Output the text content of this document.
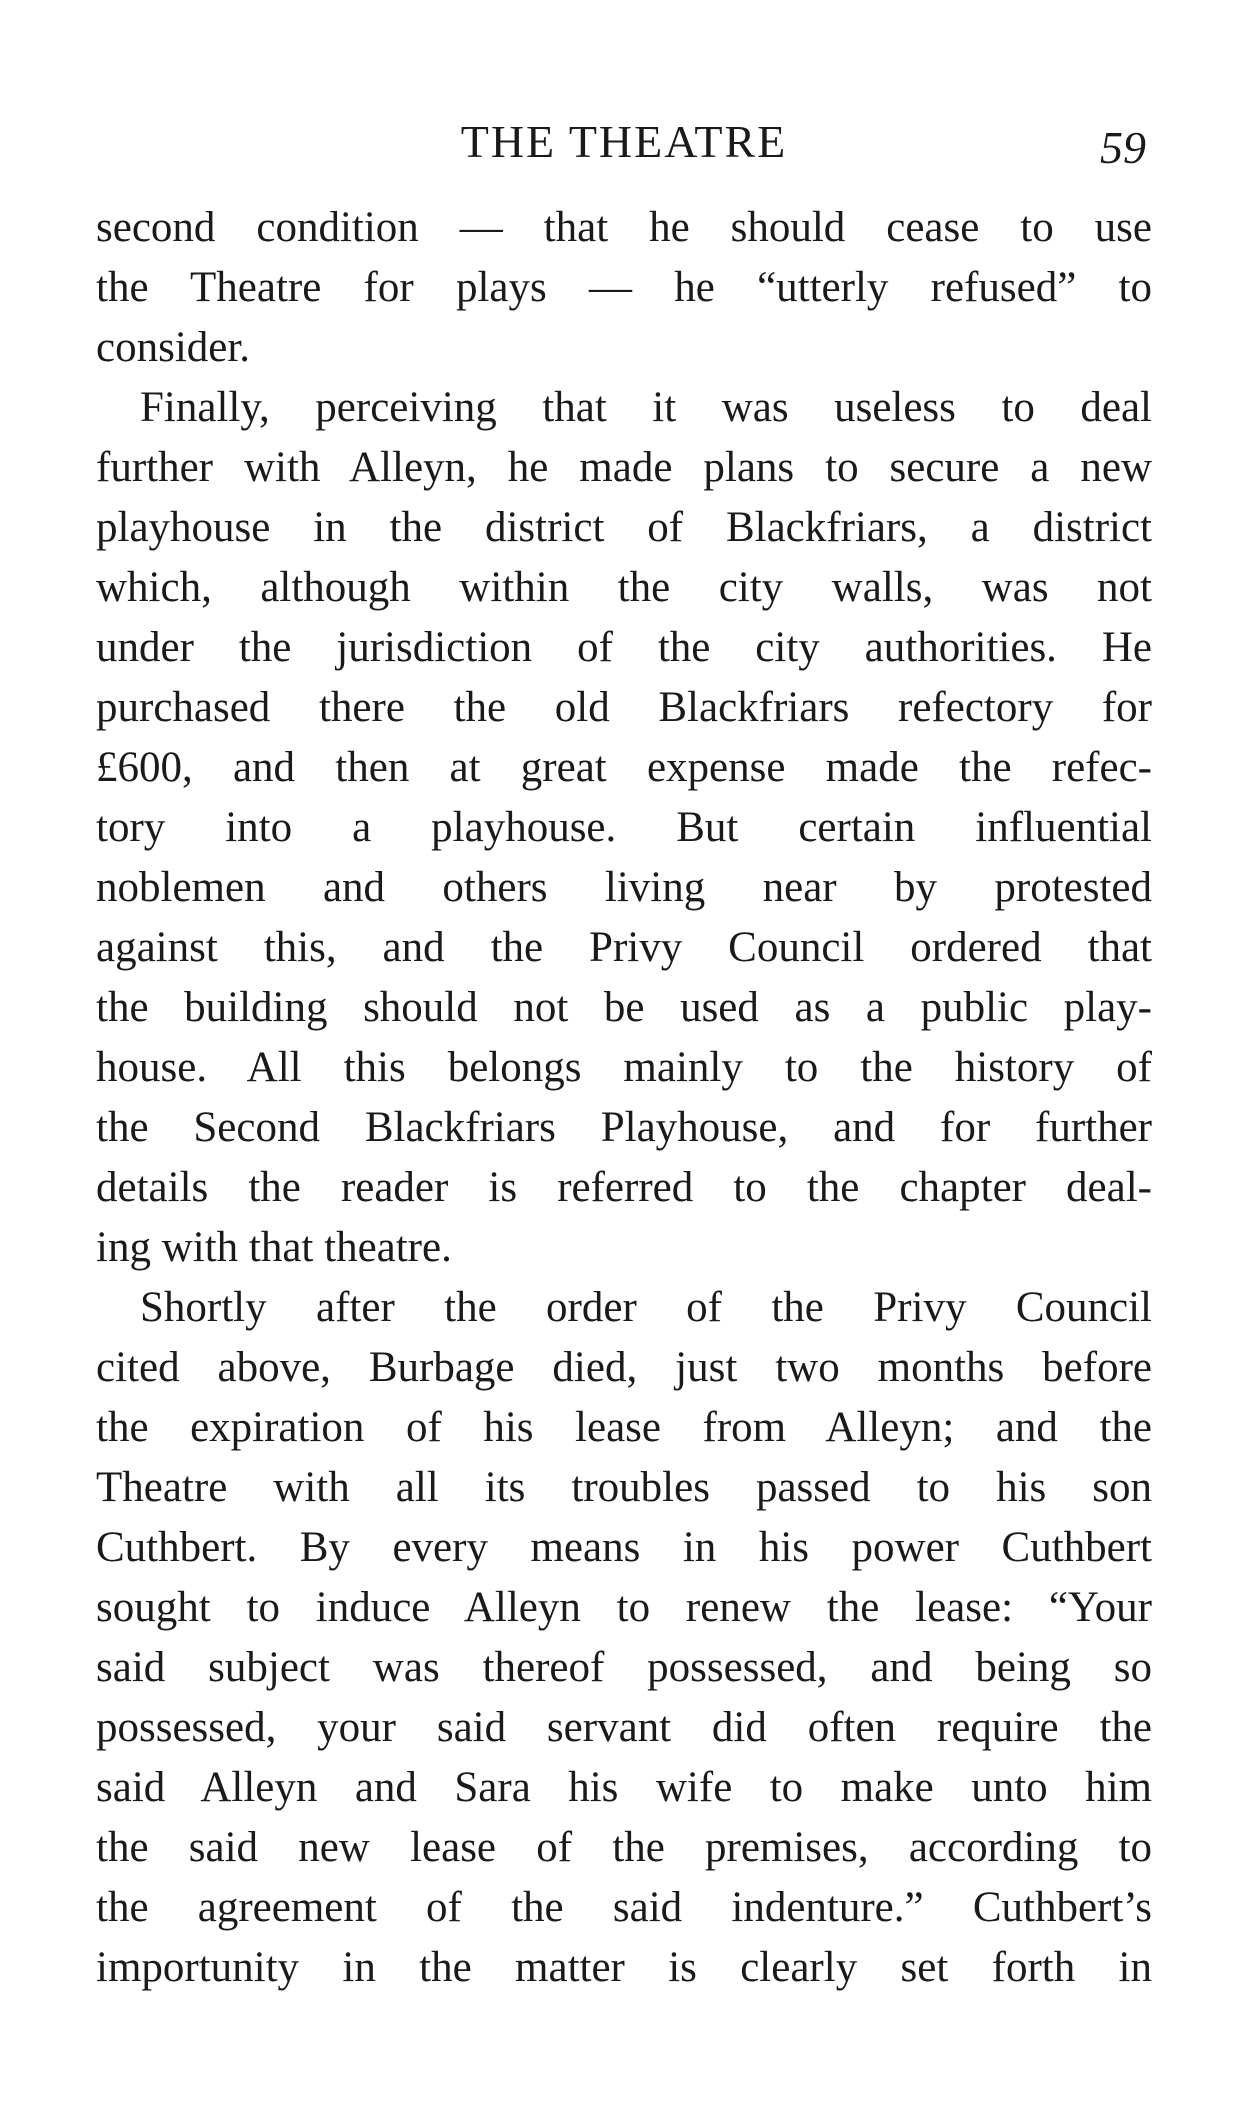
THE THEATRE	59
second condition — that he should cease to use
the Theatre for plays — he “utterly refused” to
consider.
Finally, perceiving that it was useless to deal
further with Alleyn, he made plans to secure a new
playhouse in the district of Blackfriars, a district
which, although within the city walls, was not
under the jurisdiction of the city authorities. He
purchased there the old Blackfriars refectory for
£600, and then at great expense made the refec-
tory into a playhouse. But certain influential
noblemen and others living near by protested
against this, and the Privy Council ordered that
the building should not be used as a public play-
house. All this belongs mainly to the history of
the Second Blackfriars Playhouse, and for further
details the reader is referred to the chapter deal-
ing with that theatre.
Shortly after the order of the Privy Council
cited above, Burbage died, just two months before
the expiration of his lease from Alleyn; and the
Theatre with all its troubles passed to his son
Cuthbert. By every means in his power Cuthbert
sought to induce Alleyn to renew the lease: “Your
said subject was thereof possessed, and being so
possessed, your said servant did often require the
said Alleyn and Sara his wife to make unto him
the said new lease of the premises, according to
the agreement of the said indenture.” Cuthbert’s
importunity in the matter is clearly set forth in
